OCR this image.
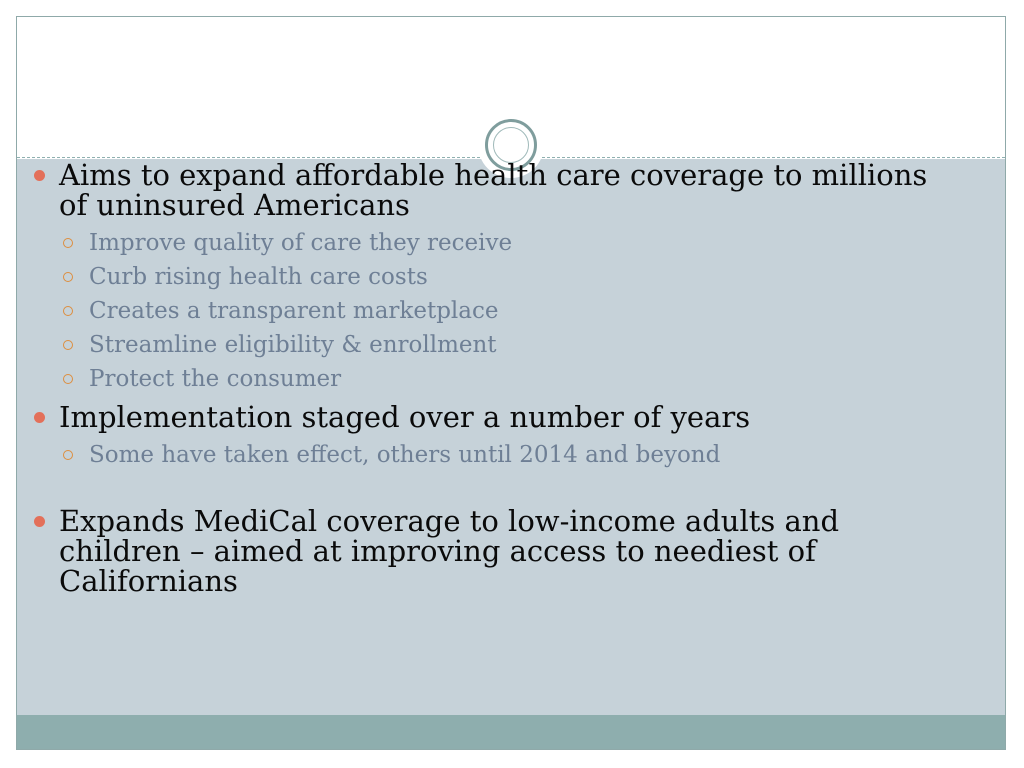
Aims to expand affordable health care coverage to millions of uninsured Americans
Improve quality of care they receive
Curb rising health care costs
Creates a transparent marketplace
Streamline eligibility & enrollment
Protect the consumer
Implementation staged over a number of years
Some have taken effect, others until 2014 and beyond
Expands MediCal coverage to low-income adults and children – aimed at improving access to neediest of Californians
